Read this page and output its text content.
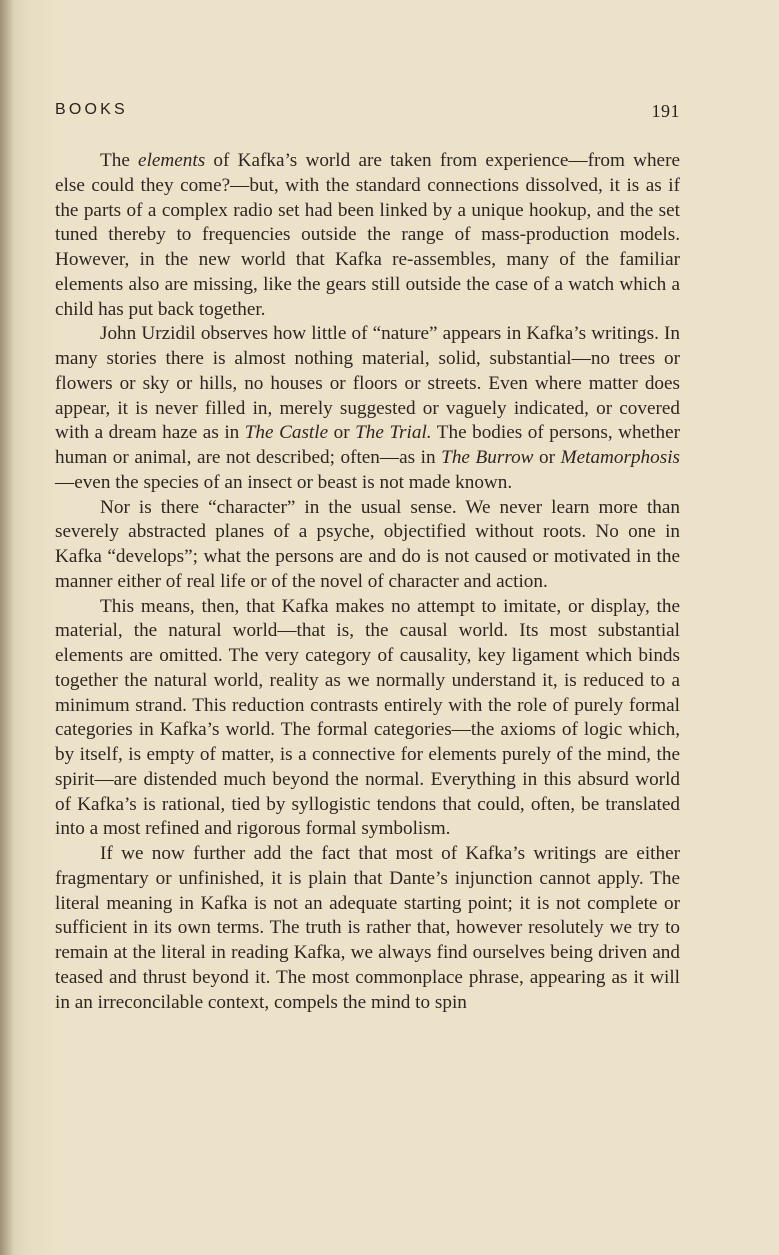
BOOKS	191

The elements of Kafka’s world are taken from experience—from where else could they come?—but, with the standard connections dissolved, it is as if the parts of a complex radio set had been linked by a unique hookup, and the set tuned thereby to frequencies outside the range of mass-production models. However, in the new world that Kafka re-assembles, many of the familiar elements also are missing, like the gears still outside the case of a watch which a child has put back together.

John Urzidil observes how little of “nature” appears in Kafka’s writings. In many stories there is almost nothing material, solid, substantial—no trees or flowers or sky or hills, no houses or floors or streets. Even where matter does appear, it is never filled in, merely suggested or vaguely indicated, or covered with a dream haze as in The Castle or The Trial. The bodies of persons, whether human or animal, are not described; often—as in The Burrow or Metamorphosis—even the species of an insect or beast is not made known.

Nor is there “character” in the usual sense. We never learn more than severely abstracted planes of a psyche, objectified without roots. No one in Kafka “develops”; what the persons are and do is not caused or motivated in the manner either of real life or of the novel of character and action.

This means, then, that Kafka makes no attempt to imitate, or display, the material, the natural world—that is, the causal world. Its most substantial elements are omitted. The very category of causality, key ligament which binds together the natural world, reality as we normally understand it, is reduced to a minimum strand. This reduction contrasts entirely with the role of purely formal categories in Kafka’s world. The formal categories—the axioms of logic which, by itself, is empty of matter, is a connective for elements purely of the mind, the spirit—are distended much beyond the normal. Everything in this absurd world of Kafka’s is rational, tied by syllogistic tendons that could, often, be translated into a most refined and rigorous formal symbolism.

If we now further add the fact that most of Kafka’s writings are either fragmentary or unfinished, it is plain that Dante’s injunction cannot apply. The literal meaning in Kafka is not an adequate starting point; it is not complete or sufficient in its own terms. The truth is rather that, however resolutely we try to remain at the literal in reading Kafka, we always find ourselves being driven and teased and thrust beyond it. The most commonplace phrase, appearing as it will in an irreconcilable context, compels the mind to spin
